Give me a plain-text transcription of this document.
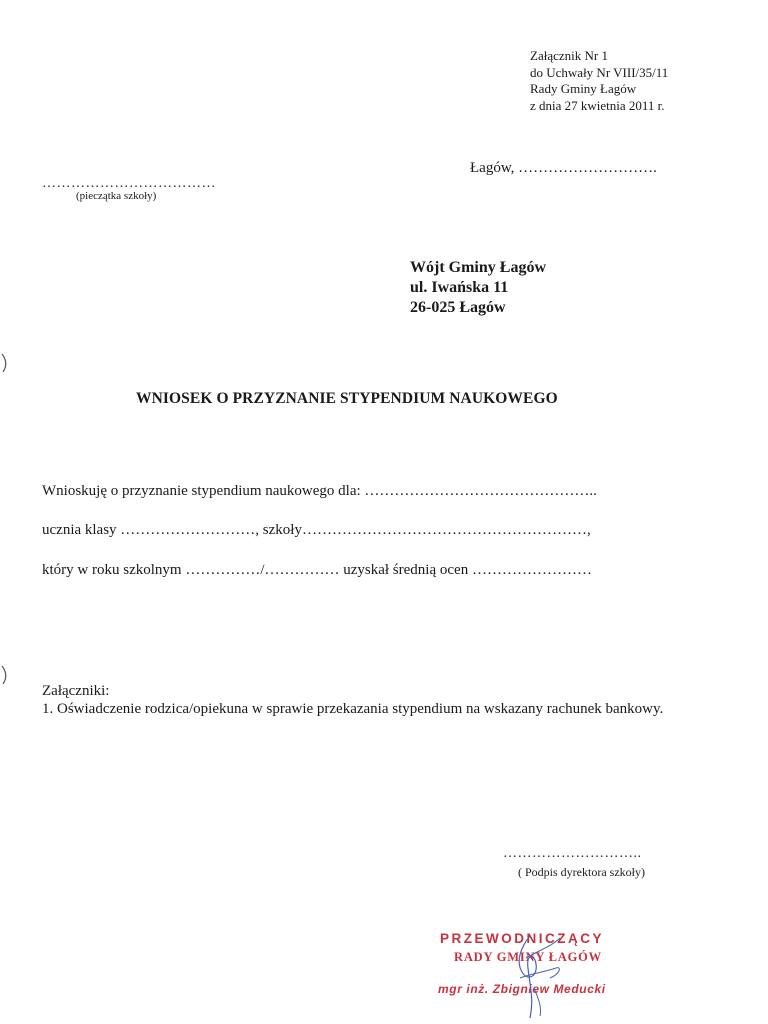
Załącznik Nr 1
do Uchwały Nr VIII/35/11
Rady Gminy Łagów
z dnia 27 kwietnia 2011 r.
Łagów, ……………………….
………………………………
(pieczątka szkoły)
Wójt Gminy Łagów
ul. Iwańska 11
26-025 Łagów
WNIOSEK O PRZYZNANIE STYPENDIUM NAUKOWEGO
Wnioskuję o przyznanie stypendium naukowego dla: ………………………………………..
ucznia klasy ………………………, szkoły…………………………………………………,
który w roku szkolnym ……………/…………… uzyskał średnią ocen ……………………
Załączniki:
1. Oświadczenie rodzica/opiekuna w sprawie przekazania stypendium na wskazany rachunek bankowy.
………………………..
( Podpis dyrektora szkoły)
PRZEWODNICZĄCY
RADY GMINY ŁAGÓW
mgr inż. Zbigniew Meducki
